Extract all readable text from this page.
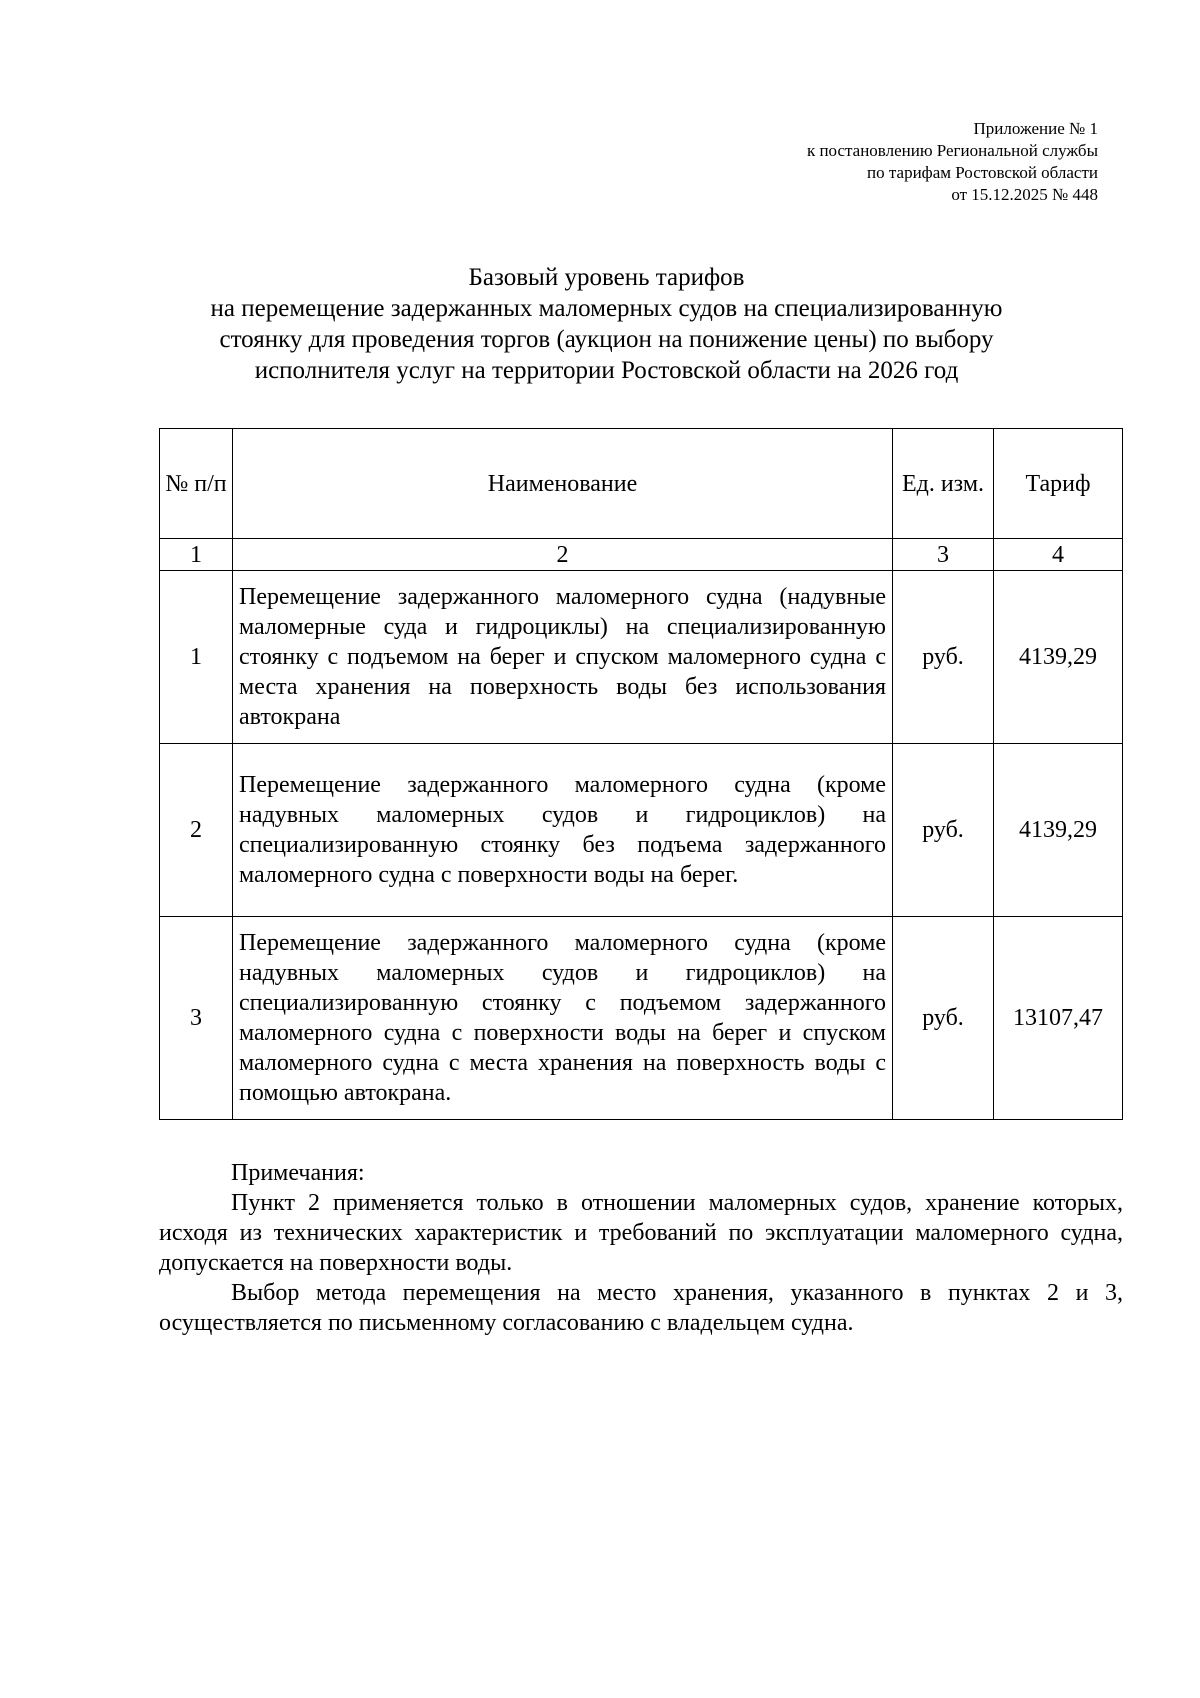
Приложение № 1
к постановлению Региональной службы
по тарифам Ростовской области
от 15.12.2025 № 448
Базовый уровень тарифов
на перемещение задержанных маломерных судов на специализированную
стоянку для проведения торгов (аукцион на понижение цены) по выбору
исполнителя услуг на территории Ростовской области на 2026 год
№ п/п	Наименование	Ед. изм.	Тариф
1	2	3	4
1	Перемещение задержанного маломерного судна (надувные маломерные суда и гидроциклы) на специализированную стоянку с подъемом на берег и спуском маломерного судна с места хранения на поверхность воды без использования автокрана	руб.	4139,29
2	Перемещение задержанного маломерного судна (кроме надувных маломерных судов и гидроциклов) на специализированную стоянку без подъема задержанного маломерного судна с поверхности воды на берег.	руб.	4139,29
3	Перемещение задержанного маломерного судна (кроме надувных маломерных судов и гидроциклов) на специализированную стоянку с подъемом задержанного маломерного судна с поверхности воды на берег и спуском маломерного судна с места хранения на поверхность воды с помощью автокрана.	руб.	13107,47
Примечания:

Пункт 2 применяется только в отношении маломерных судов, хранение которых, исходя из технических характеристик и требований по эксплуатации маломерного судна, допускается на поверхности воды.

Выбор метода перемещения на место хранения, указанного в пунктах 2 и 3, осуществляется по письменному согласованию с владельцем судна.
